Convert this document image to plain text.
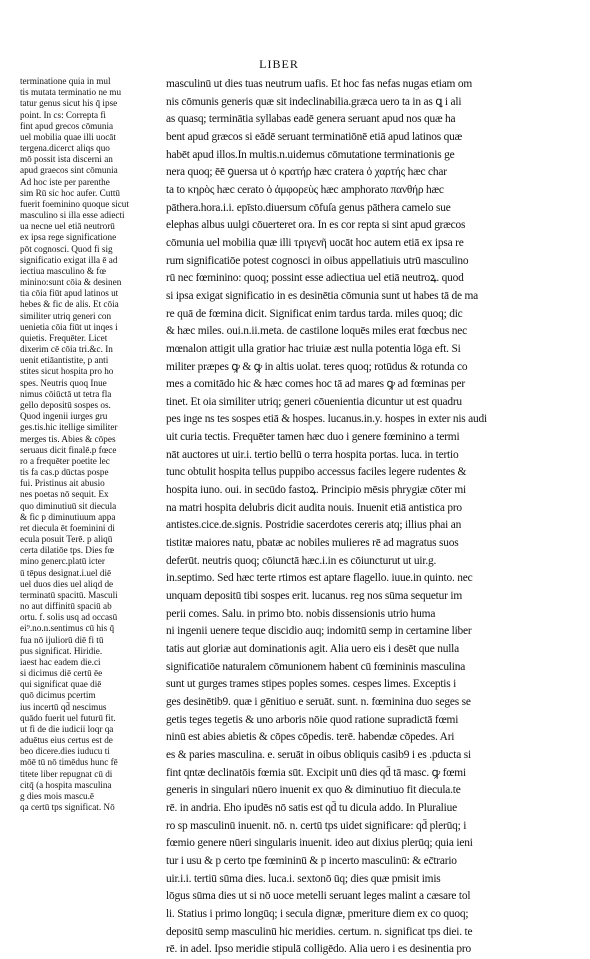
LIBER
terminatione quia in mul
tis mutata terminatio ne mu
tatur genus sicut his q̄ ipse
point. In cs: Correpta fi
fint apud grecos cōmunia
uel mobilia quae illi uocāt
tergena.dicerct aliqs quo
mō possit ista discerni an
apud graecos sint cōmunia
Ad hoc iste per parenthe
sim Rū sic hoc aufer. Cuttū
fuerit foeminino quoque sicut
masculino si illa esse adiecti
ua necne uel etiā neutrorū
ex ipsa rege significatione
pōt cognosci. Quod fi sig
significatio exigat illa ē ad
iectiua masculino & fœ
minino:sunt cōia & desinen
tia cōia fiūt apud latinos ut
hebes & fic de alis. Et cōia
similiter utriq generi con
uenietia cōia fiūt ut inqes i
quietis. Frequēter. Licet
dixerim cē cōia tri.&c. In
uenit etiāantistite, p anti
stites sicut hospita pro ho
spes. Neutris quoq Inue
nimus cōiūctā ut tetra fla
gello depositū sospes os.
Quod ingenii iurges gru
ges.tis.hic itellige similiter
merges tis. Abies & cōpes
seruaus dicit finalē.p fœce
ro a frequēter poetite lec
tis fa cas.p dūctas pospe
fui. Pristinus ait abusio
nes poetas nō sequit. Ex
quo diminutiuū sit diecula
& fic p diminutiuum appa
ret diecula ēt foeminini di
ecula posuit Terē. p aliqū
certa dilatiōe tps. Dies fœ
mino generc.platū icter
ū tēpus designat.i.uel diē
uel duos dies uel aliqd de
terminatū spacitū. Masculi
no aut diffinitū spaciū ab
ortu. f. solis usq ad occasū
ei⁹.no.n.sentimus cū his q̄
fua nō ijuliorū diē fi tū
pus significat. Hiridie.
iaest hac eadem die.ci
si dicimus diē certū ēe
qui significat quae diē
quō dicimus pcertim
ius incertū qd̄ nescimus
quādo fuerit uel futurū fit.
ut fi de die iudicii loqr qa
aduētus eius certus est de
beo dicere.dies iuducu ti
mōē tū nō timēdus hunc fē
titete liber repugnat cū di
citq̄ (a hospita masculina
g dies mois mascu.ē
qa certū tps significat. Nō
masculinū ut dies tuas neutrum uafis. Et hoc fas nefas nugas etiam om
nis cōmunis generis quæ sit indeclinabilia.græca uero ta in as ꝗ i ali
as quasq; terminātia syllabas eadē genera seruant apud nos quæ ha
bent apud græcos si eādē seruant terminatiōnē etiā apud latinos quæ
habēt apud illos.In multis.n.uidemus cōmutatione terminationis ge
nera quoq; ēē ꝯuersa ut ὁ κρατήρ hæc cratera ὁ χαρτής hæc char
ta to κηρὸς hæc cerato ὁ ἀμφορεὺς hæc amphorato πανθήρ hæc
pāthera.hora.i.i. epīsto.diuersum cōfuſa genus pāthera camelo sue
elephas albus uulgi cōuerteret ora. In es cor repta si sint apud græcos
cōmunia uel mobilia quæ illi τριγενῆ uocāt hoc autem etiā ex ipsa re
rum significatiōe potest cognosci in oibus appellatiuis utrū masculino
rū nec fœminino: quoq; possint esse adiectiua uel etiā neutroꝝ. quod
si ipsa exigat significatio in es desinētia cōmunia sunt ut habes tā de ma
re quā de fœmina dicit. Significat enim tardus tarda. miles quoq; dic
& hæc miles. oui.n.ii.meta. de castilone loquēs miles erat fœcbus nec
mœnalon attigit ulla gratior hac triuiæ æst nulla potentia lōga eft. Si
militer præpes ꝙ & ꝙ in altis uolat. teres quoq; rotūdus & rotunda co
mes a comitādo hic & hæc comes hoc tā ad mares ꝙ ad fœminas per
tinet. Et oia similiter utriq; generi cōuenientia dicuntur ut est quadru
pes inge ns tes sospes etiā & hospes. lucanus.in.y. hospes in exter nis audi
uit curia tectis. Frequēter tamen hæc duo i genere fœminino a termi
nāt auctores ut uir.i. tertio bellū o terra hospita portas. luca. in tertio
tunc obtulit hospita tellus puppibo accessus faciles legere rudentes &
hospita iuno. oui. in secūdo fastoꝝ. Principio mēsis phrygiæ cōter mi
na matri hospita delubris dicit audita nouis. Inuenit etiā antistica pro
antistes.cice.de.signis. Postridie sacerdotes cereris atq; illius phai an
tistitæ maiores natu, pbatæ ac nobiles mulieres rē ad magratus suos
deferūt. neutris quoq; cōiunctā hæc.i.in es cōiuncturut ut uir.g.
in.septimo. Sed hæc terte rtimos est aptare flagello. iuue.in quinto. nec
unquam depositū tibi sospes erit. lucanus. reg nos sūma sequetur im
perii comes. Salu. in primo bto. nobis dissensionis utrio huma
ni ingenii uenere teque discidio auq; indomitū semp in certamine liber
tatis aut gloriæ aut dominationis agit. Alia uero eis i desēt que nulla
significatiōe naturalem cōmunionem habent cū fœmininis masculina
sunt ut gurges trames stipes poples somes. cespes limes. Exceptis i
ges desinētib9. quæ i gēnitiuo e seruāt. sunt. n. fœminina duo seges se
getis teges tegetis & uno arboris nōie quod ratione supradictā fœmi
ninū est abies abietis & cōpes cōpedis. terē. habendæ cōpedes. Ari
es & paries masculina. e. seruāt in oibus obliquis casib9 i es .pducta si
fint qntæ declinatōis fœmia sūt. Excipit unū dies qd̄ tā masc. ꝙ fœmi
generis in singulari nūero inuenit ex quo & diminutiuo fit diecula.te
rē. in andria. Eho ipudēs nō satis est qd̄ tu dicula addo. In Pluraliue
ro sp masculinū inuenit. nō. n. certū tps uidet significare: qd̄ plerūq; i
fœmio genere nūeri singularis inuenit. ideo aut dixius plerūq; quia ieni
tur i usu & p certo tpe fœmininū & p incerto masculinū: & ec̄trario
uir.i.i. tertiū sūma dies. luca.i. sextonō ūq; dies quæ pmisit imis
lōgus sūma dies ut si nō uoce metelli seruant leges malint a cæsare tol
li. Statius i primo longūq; i secula dignæ, pmeriture diem ex co quoq;
depositū semp masculinū hic meridies. certum. n. significat tps diei. te
rē. in adel. Ipso meridie stipulā colligēdo. Alia uero i es desinentia pro
